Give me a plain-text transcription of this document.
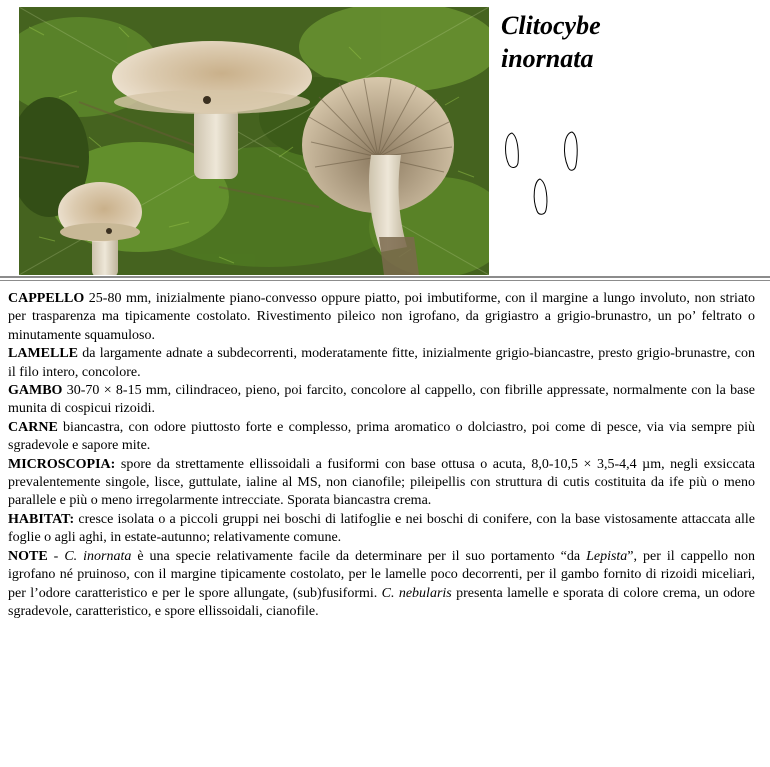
Clitocybe
inornata

CAPPELLO 25-80 mm, inizialmente piano-convesso oppure piatto, poi imbutiforme, con il margine a lungo involuto, non striato per trasparenza ma tipicamente costolato. Rivestimento pileico non igrofano, da grigiastro a grigio-brunastro, un po’ feltrato o minutamente squamuloso.

LAMELLE da largamente adnate a subdecorrenti, moderatamente fitte, inizialmente grigio-biancastre, presto grigio-brunastre, con il filo intero, concolore.

GAMBO 30-70 × 8-15 mm, cilindraceo, pieno, poi farcito, concolore al cappello, con fibrille appressate, normalmente con la base munita di cospicui rizoidi.

CARNE biancastra, con odore piuttosto forte e complesso, prima aromatico o dolciastro, poi come di pesce, via via sempre più sgradevole e sapore mite.

MICROSCOPIA: spore da strettamente ellissoidali a fusiformi con base ottusa o acuta, 8,0-10,5 × 3,5-4,4 µm, negli exsiccata prevalentemente singole, lisce, guttulate, ialine al MS, non cianofile; pileipellis con struttura di cutis costituita da ife più o meno parallele e più o meno irregolarmente intrecciate. Sporata biancastra crema.

HABITAT: cresce isolata o a piccoli gruppi nei boschi di latifoglie e nei boschi di conifere, con la base vistosamente attaccata alle foglie o agli aghi, in estate-autunno; relativamente comune.

NOTE - C. inornata è una specie relativamente facile da determinare per il suo portamento “da Lepista”, per il cappello non igrofano né pruinoso, con il margine tipicamente costolato, per le lamelle poco decorrenti, per il gambo fornito di rizoidi miceliari, per l’odore caratteristico e per le spore allungate, (sub)fusiformi. C. nebularis presenta lamelle e sporata di colore crema, un odore sgradevole, caratteristico, e spore ellissoidali, cianofile.
